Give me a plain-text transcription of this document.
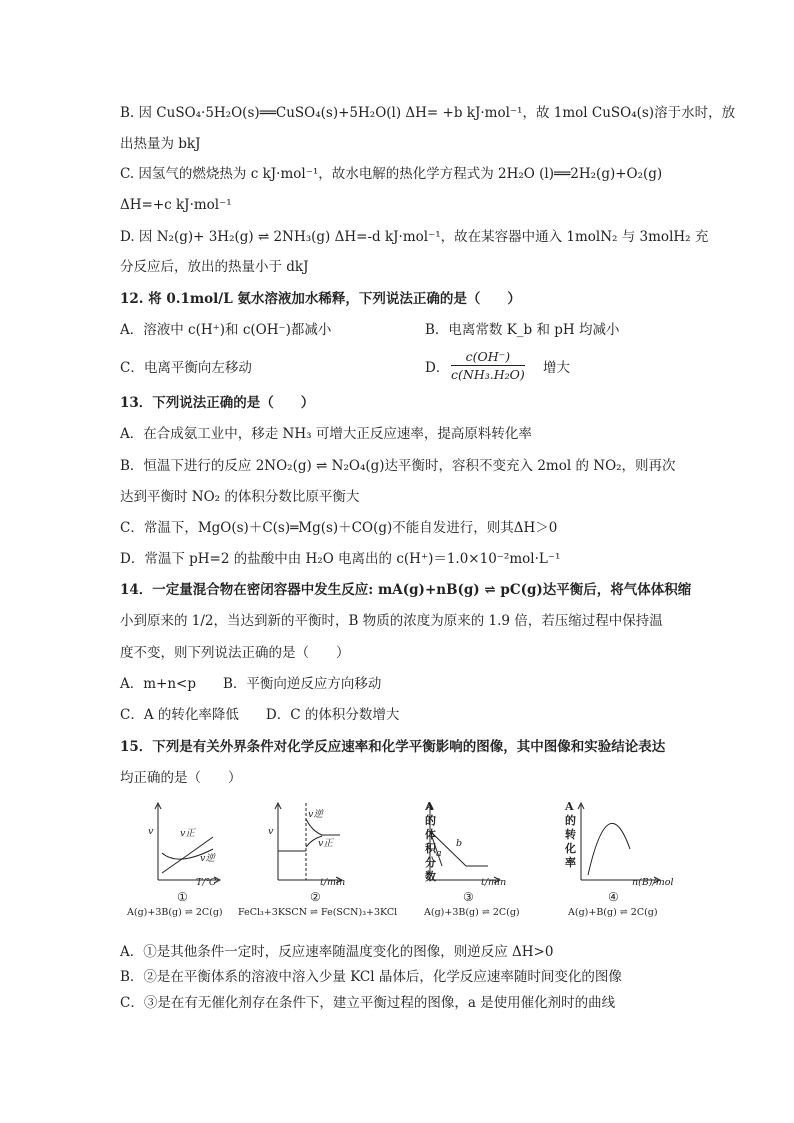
B. 因 CuSO₄·5H₂O(s)══CuSO₄(s)+5H₂O(l) ΔH= +b kJ·mol⁻¹，故 1mol CuSO₄(s)溶于水时，放
出热量为 bkJ
C. 因氢气的燃烧热为 c kJ·mol⁻¹，故水电解的热化学方程式为 2H₂O (l)══2H₂(g)+O₂(g)
ΔH=+c kJ·mol⁻¹
D. 因 N₂(g)+ 3H₂(g) ⇌ 2NH₃(g) ΔH=-d kJ·mol⁻¹，故在某容器中通入 1molN₂ 与 3molH₂ 充
分反应后，放出的热量小于 dkJ
12. 将 0.1mol/L 氨水溶液加水稀释，下列说法正确的是（　　）
A．溶液中 c(H⁺)和 c(OH⁻)都减小	B．电离常数 K_b 和 pH 均减小
C．电离平衡向左移动	D．
c(OH⁻)
c(NH₃.H₂O) 增大
13．下列说法正确的是（　　）
A．在合成氨工业中，移走 NH₃ 可增大正反应速率，提高原料转化率
B．恒温下进行的反应 2NO₂(g) ⇌ N₂O₄(g)达平衡时，容积不变充入 2mol 的 NO₂，则再次
达到平衡时 NO₂ 的体积分数比原平衡大
C．常温下，MgO(s)＋C(s)═Mg(s)＋CO(g)不能自发进行，则其ΔH＞0
D．常温下 pH=2 的盐酸中由 H₂O 电离出的 c(H⁺)＝1.0×10⁻²mol·L⁻¹
14．一定量混合物在密闭容器中发生反应: mA(g)+nB(g) ⇌ pC(g)达平衡后，将气体体积缩
小到原来的 1/2，当达到新的平衡时，B 物质的浓度为原来的 1.9 倍，若压缩过程中保持温
度不变，则下列说法正确的是（　　）
A．m+n<p　　B．平衡向逆反应方向移动
C．A 的转化率降低　　D．C 的体积分数增大
15．下列是有关外界条件对化学反应速率和化学平衡影响的图像，其中图像和实验结论表达
均正确的是（　　）
v	v正
v逆
T/℃
①
A(g)+3B(g) ⇌ 2C(g)
v
v逆
v正
t/min
②
FeCl₃+3KSCN ⇌ Fe(SCN)₃+3KCl
A的体积分数
b
a
t/min
③
A(g)+3B(g) ⇌ 2C(g)
A的转化率
n(B)/mol
④
A(g)+B(g) ⇌ 2C(g)
A．①是其他条件一定时，反应速率随温度变化的图像，则逆反应 ΔH>0
B．②是在平衡体系的溶液中溶入少量 KCl 晶体后，化学反应速率随时间变化的图像
C．③是在有无催化剂存在条件下，建立平衡过程的图像，a 是使用催化剂时的曲线
